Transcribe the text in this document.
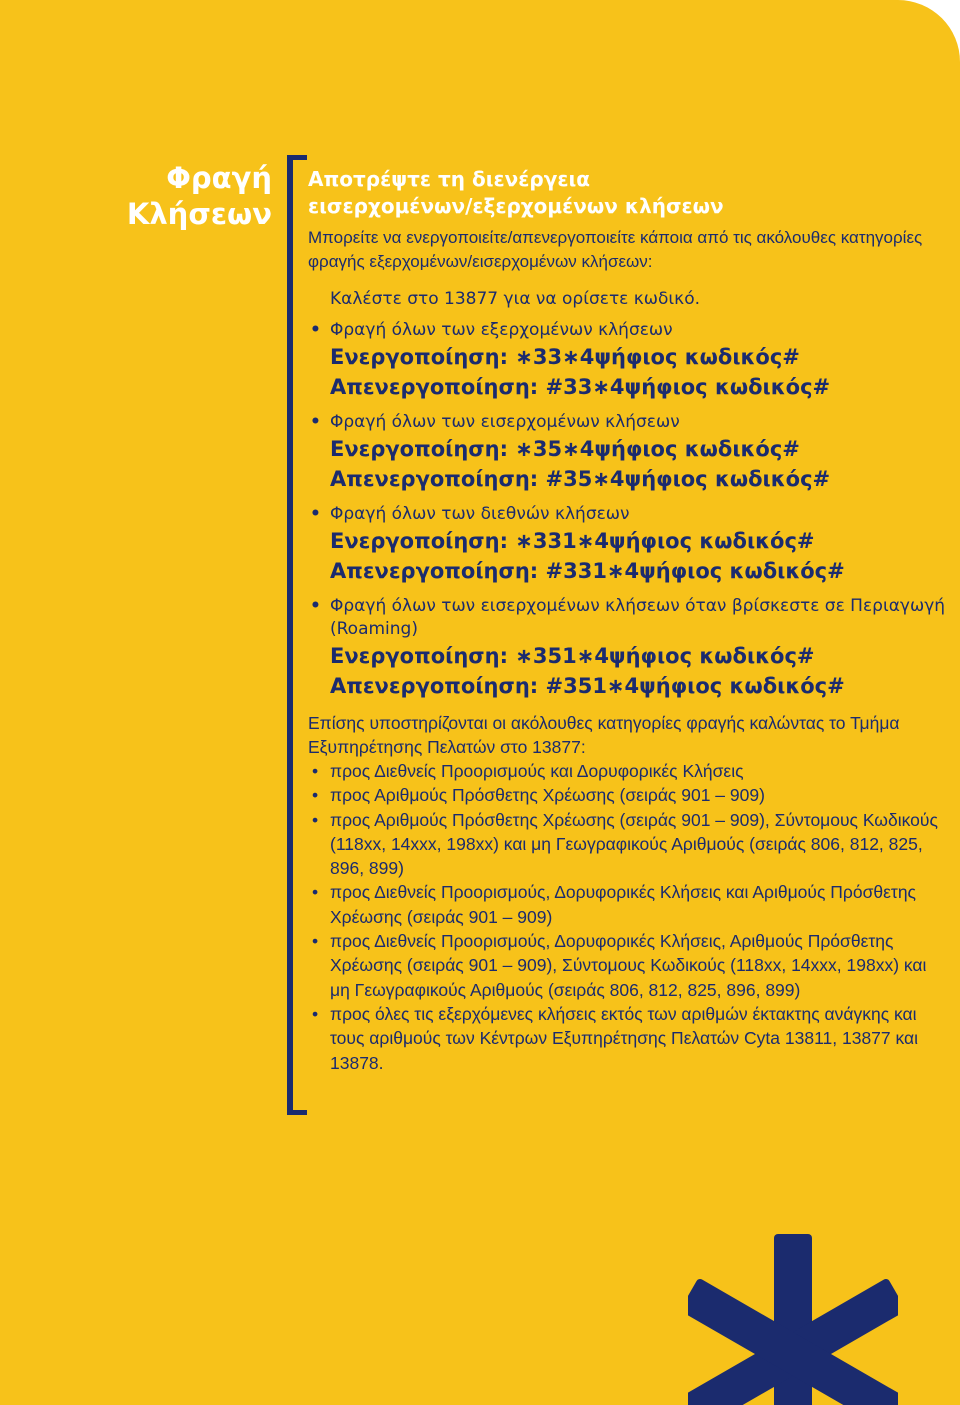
Φραγή
Κλήσεων
Αποτρέψτε τη διενέργεια
εισερχομένων/εξερχομένων κλήσεων

Μπορείτε να ενεργοποιείτε/απενεργοποιείτε κάποια από τις ακόλουθες κατηγορίες φραγής εξερχομένων/εισερχομένων κλήσεων:

Καλέστε στο 13877 για να ορίσετε κωδικό.
• Φραγή όλων των εξερχομένων κλήσεων
Ενεργοποίηση: ∗33∗4ψήφιος κωδικός#
Απενεργοποίηση: #33∗4ψήφιος κωδικός#
• Φραγή όλων των εισερχομένων κλήσεων
Ενεργοποίηση: ∗35∗4ψήφιος κωδικός#
Απενεργοποίηση: #35∗4ψήφιος κωδικός#
• Φραγή όλων των διεθνών κλήσεων
Ενεργοποίηση: ∗331∗4ψήφιος κωδικός#
Απενεργοποίηση: #331∗4ψήφιος κωδικός#
• Φραγή όλων των εισερχομένων κλήσεων όταν βρίσκεστε σε Περιαγωγή (Roaming)
Ενεργοποίηση: ∗351∗4ψήφιος κωδικός#
Απενεργοποίηση: #351∗4ψήφιος κωδικός#

Επίσης υποστηρίζονται οι ακόλουθες κατηγορίες φραγής καλώντας το Τμήμα Εξυπηρέτησης Πελατών στο 13877:

• προς Διεθνείς Προορισμούς και Δορυφορικές Κλήσεις
• προς Αριθμούς Πρόσθετης Χρέωσης (σειράς 901 – 909)
• προς Αριθμούς Πρόσθετης Χρέωσης (σειράς 901 – 909), Σύντομους Κωδικούς (118xx, 14xxx, 198xx) και μη Γεωγραφικούς Αριθμούς (σειράς 806, 812, 825, 896, 899)
• προς Διεθνείς Προορισμούς, Δορυφορικές Κλήσεις και Αριθμούς Πρόσθετης Χρέωσης (σειράς 901 – 909)
• προς Διεθνείς Προορισμούς, Δορυφορικές Κλήσεις, Αριθμούς Πρόσθετης Χρέωσης (σειράς 901 – 909), Σύντομους Κωδικούς (118xx, 14xxx, 198xx) και μη Γεωγραφικούς Αριθμούς (σειράς 806, 812, 825, 896, 899)
• προς όλες τις εξερχόμενες κλήσεις εκτός των αριθμών έκτακτης ανάγκης και τους αριθμούς των Κέντρων Εξυπηρέτησης Πελατών Cyta 13811, 13877 και 13878.
